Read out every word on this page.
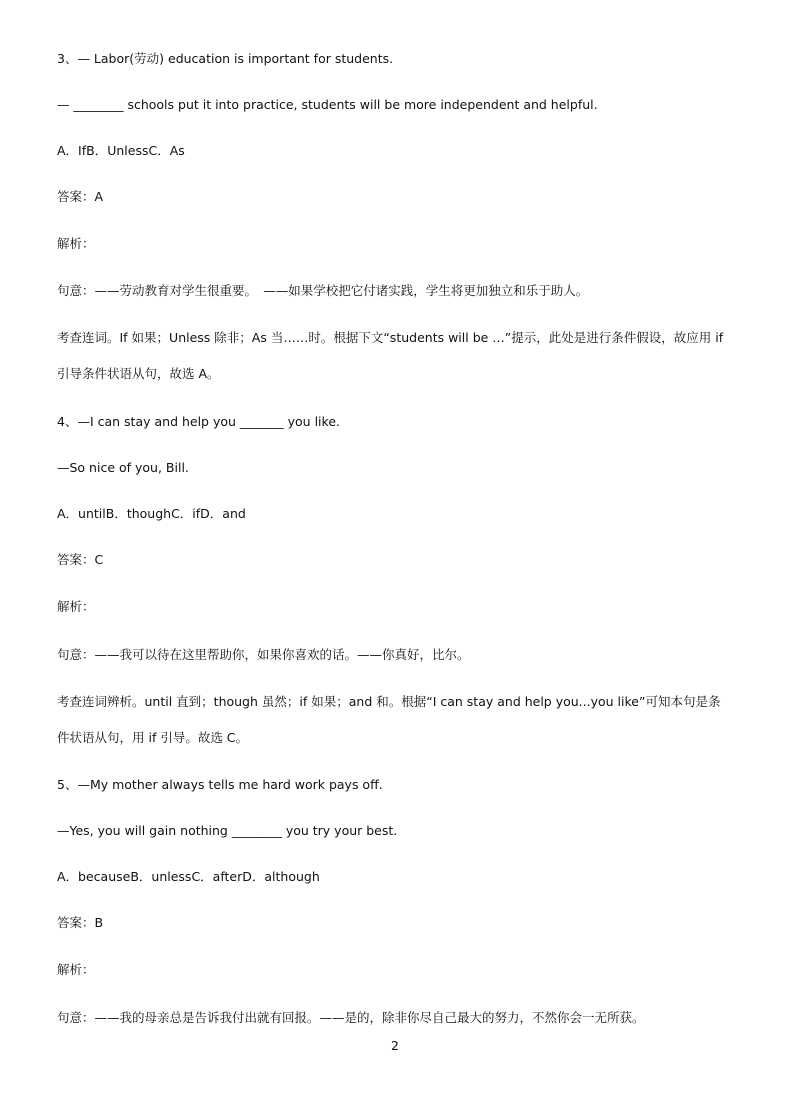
3、— Labor(劳动) education is important for students.
— ________ schools put it into practice, students will be more independent and helpful.
A．IfB．UnlessC．As
答案：A
解析：
句意：——劳动教育对学生很重要。　——如果学校把它付诸实践，学生将更加独立和乐于助人。
考查连词。If 如果；Unless 除非；As 当……时。根据下文“students will be …”提示，此处是进行条件假设，故应用 if 引导条件状语从句，故选 A。
4、—I can stay and help you _______ you like.
—So nice of you, Bill.
A．untilB．thoughC．ifD．and
答案：C
解析：
句意：——我可以待在这里帮助你，如果你喜欢的话。——你真好，比尔。
考查连词辨析。until 直到；though 虽然；if 如果；and 和。根据“I can stay and help you...you like”可知本句是条件状语从句，用 if 引导。故选 C。
5、—My mother always tells me hard work pays off.
—Yes, you will gain nothing ________ you try your best.
A．becauseB．unlessC．afterD．although
答案：B
解析：
句意：——我的母亲总是告诉我付出就有回报。——是的，除非你尽自己最大的努力，不然你会一无所获。
2
